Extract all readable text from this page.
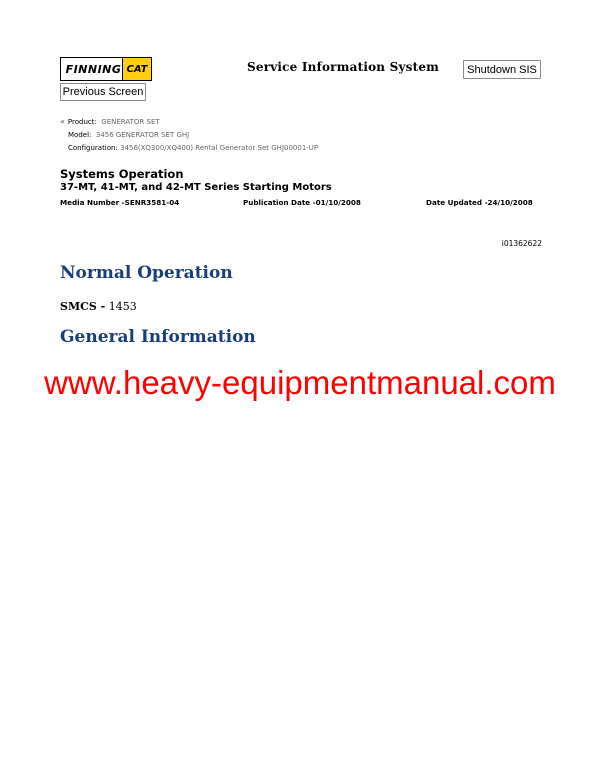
FINNING CAT	Service Information System	Shutdown SIS
Previous Screen
« Product: GENERATOR SET
Model: 3456 GENERATOR SET GHJ
Configuration: 3456(XQ300/XQ400) Rental Generator Set GHJ00001-UP
Systems Operation
37-MT, 41-MT, and 42-MT Series Starting Motors
Media Number -SENR3581-04	Publication Date -01/10/2008	Date Updated -24/10/2008
i01362622
Normal Operation
SMCS - 1453
General Information
www.heavy-equipmentmanual.com
